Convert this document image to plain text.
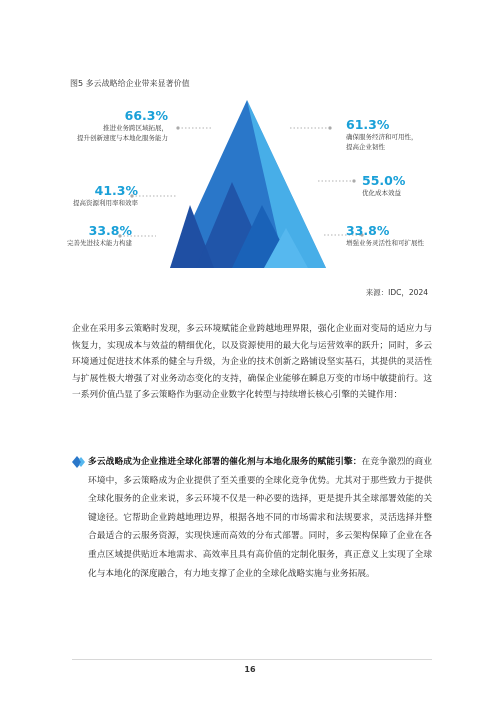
图5 多云战略给企业带来显著价值
66.3%
推进业务跨区域拓展，
提升创新速度与本地化服务能力
41.3%
提高资源利用率和效率
33.8%
完善先进技术能力构建
61.3%
确保服务经济和可用性，
提高企业韧性
55.0%
优化成本效益
33.8%
增强业务灵活性和可扩展性
来源：IDC，2024
企业在采用多云策略时发现，多云环境赋能企业跨越地理界限，强化企业面对变局的适应力与恢复力，实现成本与效益的精细优化，以及资源使用的最大化与运营效率的跃升；同时，多云环境通过促进技术体系的健全与升级，为企业的技术创新之路铺设坚实基石，其提供的灵活性与扩展性极大增强了对业务动态变化的支持，确保企业能够在瞬息万变的市场中敏捷前行。这一系列价值凸显了多云策略作为驱动企业数字化转型与持续增长核心引擎的关键作用：
多云战略成为企业推进全球化部署的催化剂与本地化服务的赋能引擎：在竞争激烈的商业环境中，多云策略成为企业提供了至关重要的全球化竞争优势。尤其对于那些致力于提供全球化服务的企业来说，多云环境不仅是一种必要的选择，更是提升其全球部署效能的关键途径。它帮助企业跨越地理边界，根据各地不同的市场需求和法规要求，灵活选择并整合最适合的云服务资源，实现快速而高效的分布式部署。同时，多云架构保障了企业在各重点区域提供贴近本地需求、高效率且具有高价值的定制化服务，真正意义上实现了全球化与本地化的深度融合，有力地支撑了企业的全球化战略实施与业务拓展。
16
